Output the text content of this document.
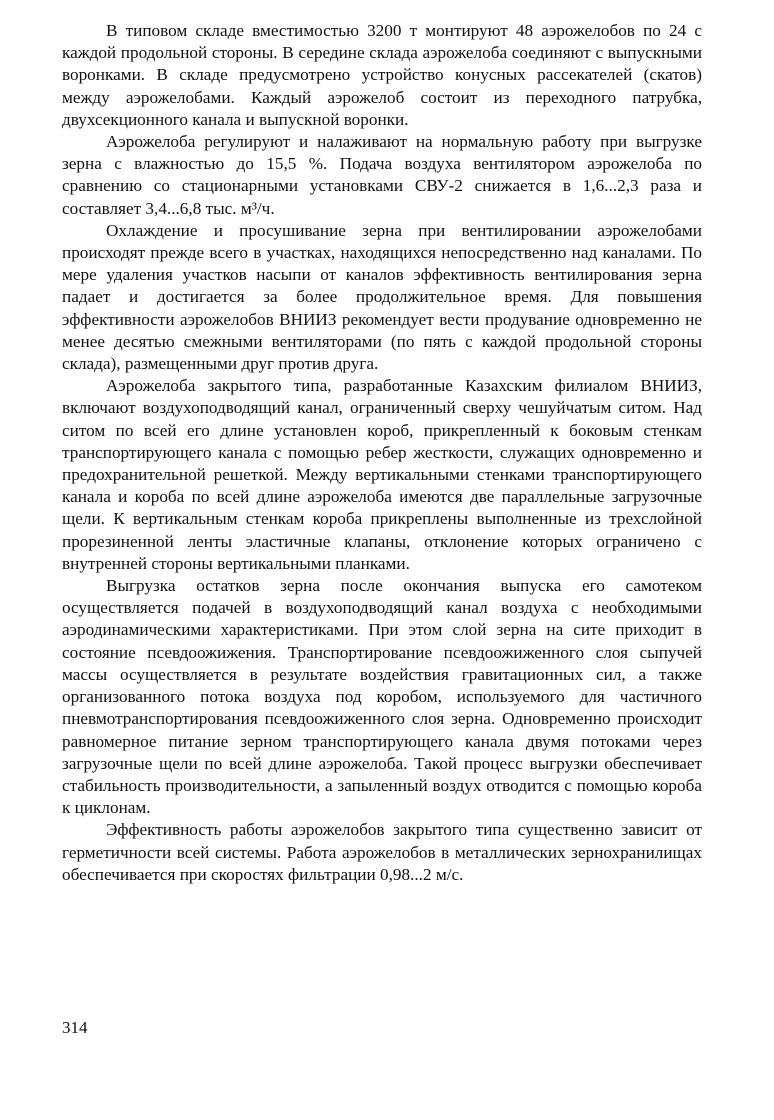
В типовом складе вместимостью 3200 т монтируют 48 аэрожелобов по 24 с каждой продольной стороны. В середине склада аэрожелоба соединяют с выпускными воронками. В складе предусмотрено устройство конусных рассекателей (скатов) между аэрожелобами. Каждый аэрожелоб состоит из переходного патрубка, двухсекционного канала и выпускной воронки.

Аэрожелоба регулируют и налаживают на нормальную работу при выгрузке зерна с влажностью до 15,5 %. Подача воздуха вентилятором аэрожелоба по сравнению со стационарными установками СВУ-2 снижается в 1,6...2,3 раза и составляет 3,4...6,8 тыс. м³/ч.

Охлаждение и просушивание зерна при вентилировании аэрожелобами происходят прежде всего в участках, находящихся непосредственно над каналами. По мере удаления участков насыпи от каналов эффективность вентилирования зерна падает и достигается за более продолжительное время. Для повышения эффективности аэрожелобов ВНИИЗ рекомендует вести продувание одновременно не менее десятью смежными вентиляторами (по пять с каждой продольной стороны склада), размещенными друг против друга.

Аэрожелоба закрытого типа, разработанные Казахским филиалом ВНИИЗ, включают воздухоподводящий канал, ограниченный сверху чешуйчатым ситом. Над ситом по всей его длине установлен короб, прикрепленный к боковым стенкам транспортирующего канала с помощью ребер жесткости, служащих одновременно и предохранительной решеткой. Между вертикальными стенками транспортирующего канала и короба по всей длине аэрожелоба имеются две параллельные загрузочные щели. К вертикальным стенкам короба прикреплены выполненные из трехслойной прорезиненной ленты эластичные клапаны, отклонение которых ограничено с внутренней стороны вертикальными планками.

Выгрузка остатков зерна после окончания выпуска его самотеком осуществляется подачей в воздухоподводящий канал воздуха с необходимыми аэродинамическими характеристиками. При этом слой зерна на сите приходит в состояние псевдоожижения. Транспортирование псевдоожиженного слоя сыпучей массы осуществляется в результате воздействия гравитационных сил, а также организованного потока воздуха под коробом, используемого для частичного пневмотранспортирования псевдоожиженного слоя зерна. Одновременно происходит равномерное питание зерном транспортирующего канала двумя потоками через загрузочные щели по всей длине аэрожелоба. Такой процесс выгрузки обеспечивает стабильность производительности, а запыленный воздух отводится с помощью короба к циклонам.

Эффективность работы аэрожелобов закрытого типа существенно зависит от герметичности всей системы. Работа аэрожелобов в металлических зернохранилищах обеспечивается при скоростях фильтрации 0,98...2 м/с.

314
